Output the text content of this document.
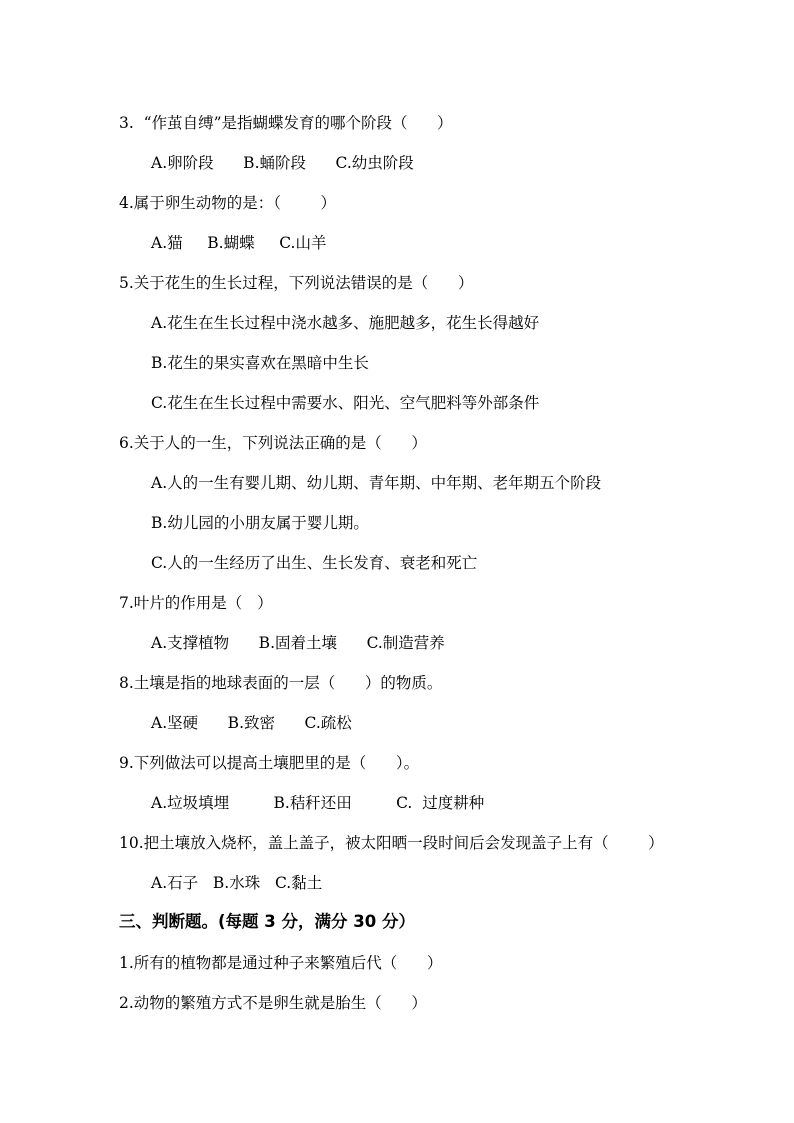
3.  “作茧自缚”是指蝴蝶发育的哪个阶段（      ）
A.卵阶段      B.蛹阶段      C.幼虫阶段
4.属于卵生动物的是：（        ）
A.猫     B.蝴蝶     C.山羊
5.关于花生的生长过程，下列说法错误的是（      ）
A.花生在生长过程中浇水越多、施肥越多，花生长得越好
B.花生的果实喜欢在黑暗中生长
C.花生在生长过程中需要水、阳光、空气肥料等外部条件
6.关于人的一生，下列说法正确的是（      ）
A.人的一生有婴儿期、幼儿期、青年期、中年期、老年期五个阶段
B.幼儿园的小朋友属于婴儿期。
C.人的一生经历了出生、生长发育、衰老和死亡
7.叶片的作用是（   ）
A.支撑植物      B.固着土壤      C.制造营养
8.土壤是指的地球表面的一层（      ）的物质。
A.坚硬      B.致密      C.疏松
9.下列做法可以提高土壤肥里的是（      ）。
A.垃圾填埋         B.秸秆还田         C.  过度耕种
10.把土壤放入烧杯，盖上盖子，被太阳晒一段时间后会发现盖子上有（        ）
A.石子   B.水珠   C.黏土
三、判断题。(每题 3 分，满分 30 分）
1.所有的植物都是通过种子来繁殖后代（      ）
2.动物的繁殖方式不是卵生就是胎生（      ）
